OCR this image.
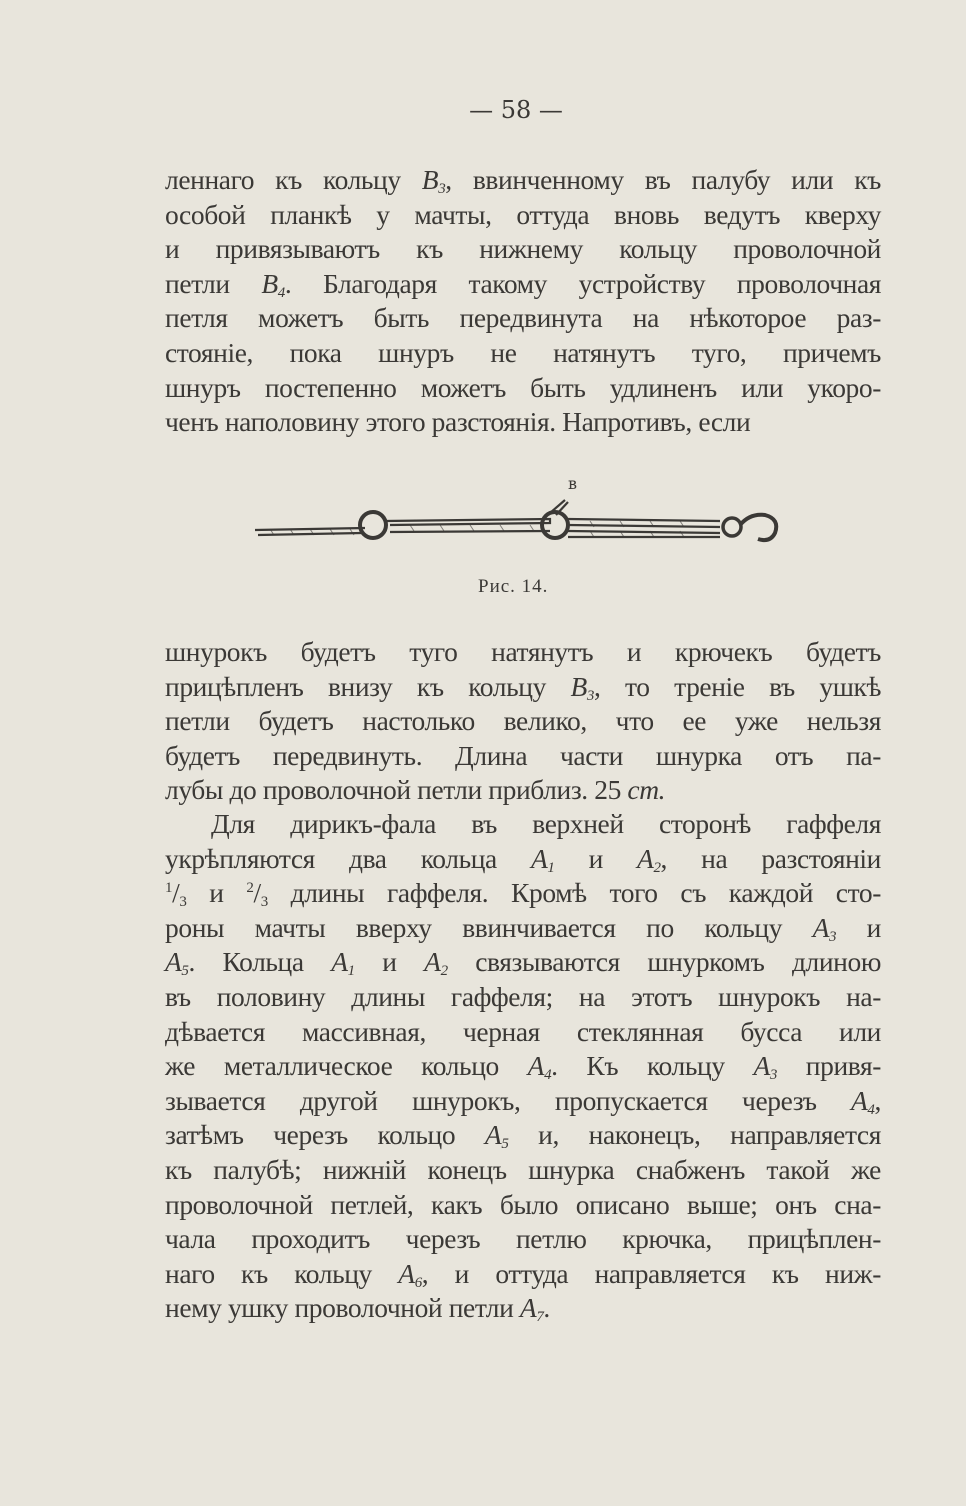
— 58 —
леннаго къ кольцу $B_3$, ввинченному въ палубу или къ
особой планкѣ у мачты, оттуда вновь ведутъ кверху
и привязываютъ къ нижнему кольцу проволочной
петли $B_4$. Благодаря такому устройству проволочная
петля можетъ быть передвинута на нѣкоторое раз-
стояніе, пока шнуръ не натянутъ туго, причемъ
шнуръ постепенно можетъ быть удлиненъ или укоро-
ченъ наполовину этого разстоянія. Напротивъ, если
в
Рис. 14.
шнурокъ будетъ туго натянутъ и крючекъ будетъ
прицѣпленъ внизу къ кольцу $B_3$, то треніе въ ушкѣ
петли будетъ настолько велико, что ее уже нельзя
будетъ передвинуть. Длина части шнурка отъ па-
лубы до проволочной петли приблиз. 25 cm.
Для дирикъ-фала въ верхней сторонѣ гаффеля
укрѣпляются два кольца $A_1$ и $A_2$, на разстояніи
$^1/_3$ и $^2/_3$ длины гаффеля. Кромѣ того съ каждой сто-
роны мачты вверху ввинчивается по кольцу $A_3$ и
$A_5$. Кольца $A_1$ и $A_2$ связываются шнуркомъ длиною
въ половину длины гаффеля; на этотъ шнурокъ на-
дѣвается массивная, черная стеклянная бусса или
же металлическое кольцо $A_4$. Къ кольцу $A_3$ привя-
зывается другой шнурокъ, пропускается черезъ $A_4$,
затѣмъ черезъ кольцо $A_5$ и, наконецъ, направляется
къ палубѣ; нижній конецъ шнурка снабженъ такой же
проволочной петлей, какъ было описано выше; онъ сна-
чала проходитъ черезъ петлю крючка, прицѣплен-
наго къ кольцу $A_6$, и оттуда направляется къ ниж-
нему ушку проволочной петли $A_7$.
